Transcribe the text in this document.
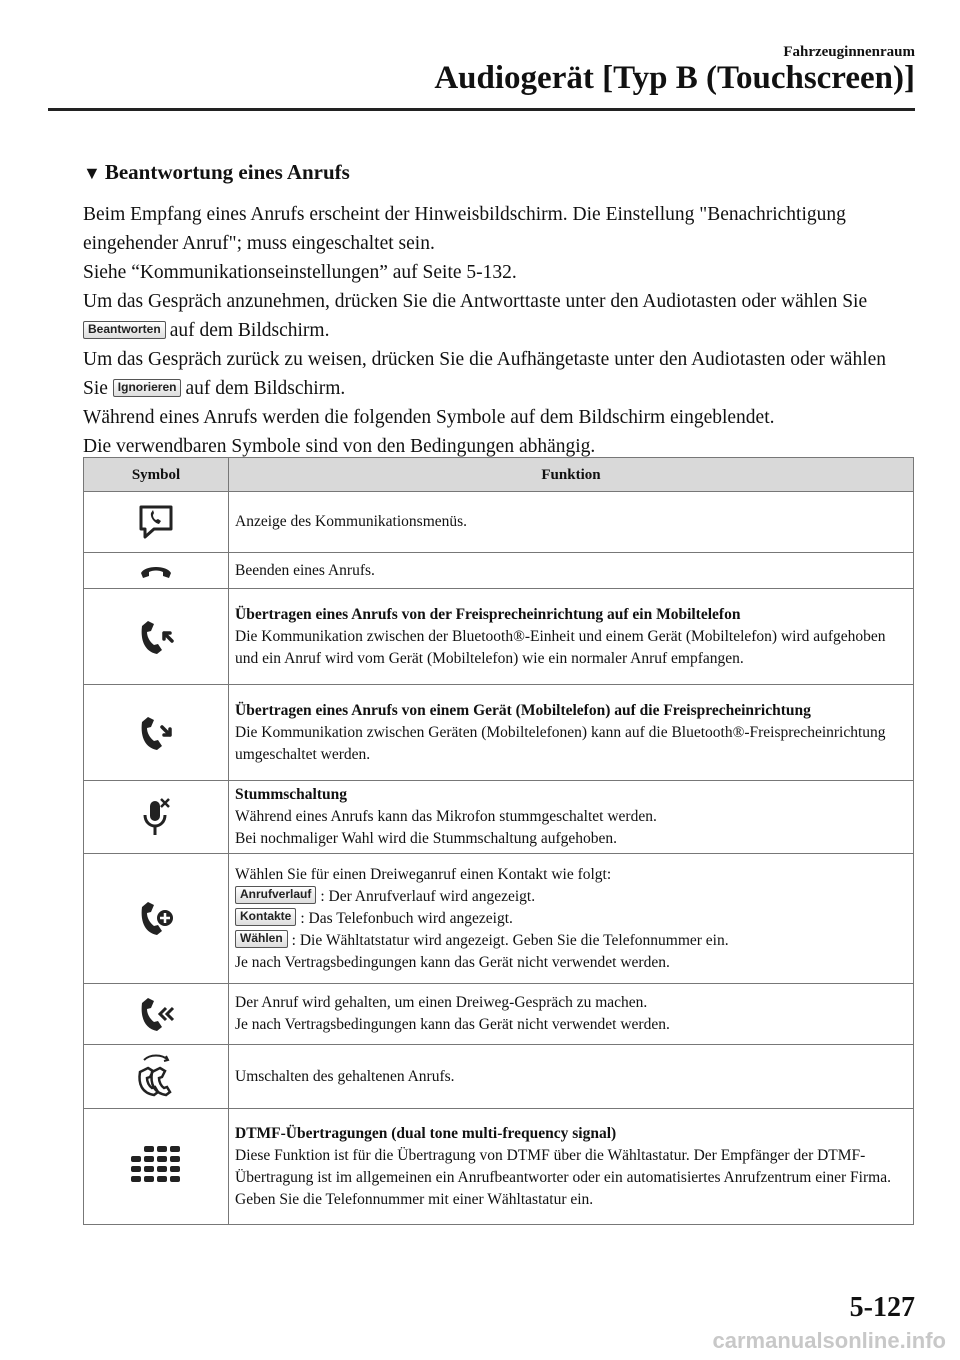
Fahrzeuginnenraum
Audiogerät [Typ B (Touchscreen)]
▼ Beantwortung eines Anrufs

Beim Empfang eines Anrufs erscheint der Hinweisbildschirm. Die Einstellung "Benachrichtigung eingehender Anruf"; muss eingeschaltet sein.

Siehe “Kommunikationseinstellungen” auf Seite 5-132.

Um das Gespräch anzunehmen, drücken Sie die Antworttaste unter den Audiotasten oder wählen Sie Beantworten auf dem Bildschirm.

Um das Gespräch zurück zu weisen, drücken Sie die Aufhängetaste unter den Audiotasten oder wählen Sie Ignorieren auf dem Bildschirm.

Während eines Anrufs werden die folgenden Symbole auf dem Bildschirm eingeblendet.

Die verwendbaren Symbole sind von den Bedingungen abhängig.

Symbol	Funktion

	Anzeige des Kommunikationsmenüs.

	Beenden eines Anrufs.

Übertragen eines Anrufs von der Freisprecheinrichtung auf ein Mobiltelefon
Die Kommunikation zwischen der Bluetooth®-Einheit und einem Gerät (Mobiltelefon) wird aufgehoben und ein Anruf wird vom Gerät (Mobiltelefon) wie ein normaler Anruf empfangen.

Übertragen eines Anrufs von einem Gerät (Mobiltelefon) auf die Freisprecheinrichtung
Die Kommunikation zwischen Geräten (Mobiltelefonen) kann auf die Bluetooth®-Freisprecheinrichtung umgeschaltet werden.

Stummschaltung
Während eines Anrufs kann das Mikrofon stummgeschaltet werden.
Bei nochmaliger Wahl wird die Stummschaltung aufgehoben.

Wählen Sie für einen Dreiweganruf einen Kontakt wie folgt:
Anrufverlauf : Der Anrufverlauf wird angezeigt.
Kontakte : Das Telefonbuch wird angezeigt.
Wählen : Die Wähltatstatur wird angezeigt. Geben Sie die Telefonnummer ein.
Je nach Vertragsbedingungen kann das Gerät nicht verwendet werden.

Der Anruf wird gehalten, um einen Dreiweg-Gespräch zu machen.
Je nach Vertragsbedingungen kann das Gerät nicht verwendet werden.

	Umschalten des gehaltenen Anrufs.

DTMF-Übertragungen (dual tone multi-frequency signal)
Diese Funktion ist für die Übertragung von DTMF über die Wähltastatur. Der Empfänger der DTMF-Übertragung ist im allgemeinen ein Anrufbeantworter oder ein automatisiertes Anrufzentrum einer Firma.
Geben Sie die Telefonnummer mit einer Wähltastatur ein.
5-127
carmanualsonline.info
